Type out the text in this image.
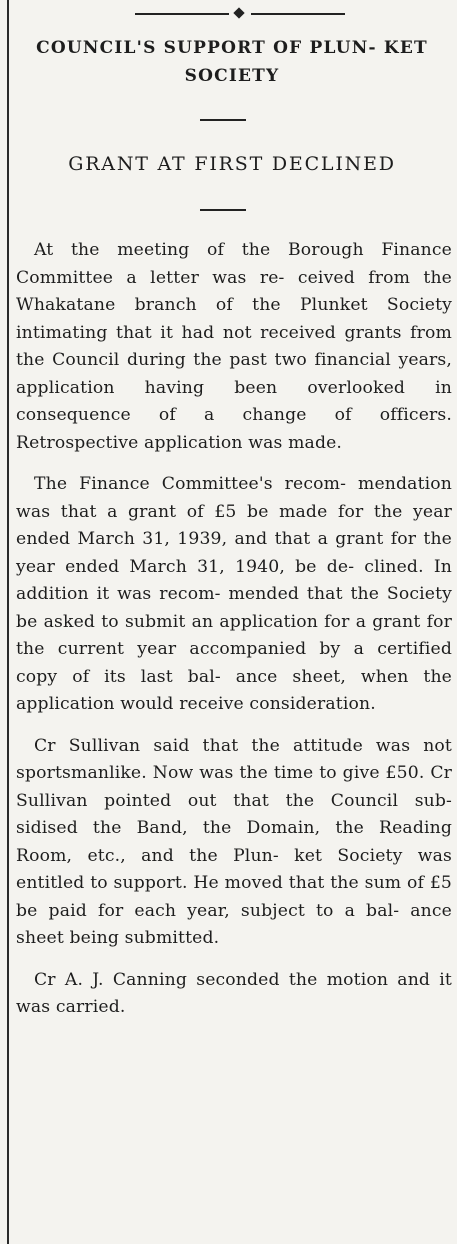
COUNCIL'S SUPPORT OF PLUN- KET SOCIETY
GRANT AT FIRST DECLINED

At the meeting of the Borough Finance Committee a letter was re- ceived from the Whakatane branch of the Plunket Society intimating that it had not received grants from the Council during the past two financial years, application having been overlooked in consequence of a change of officers. Retrospective application was made.

The Finance Committee's recom- mendation was that a grant of £5 be made for the year ended March 31, 1939, and that a grant for the year ended March 31, 1940, be de- clined. In addition it was recom- mended that the Society be asked to submit an application for a grant for the current year accompanied by a certified copy of its last bal- ance sheet, when the application would receive consideration.

Cr Sullivan said that the attitude was not sportsmanlike. Now was the time to give £50. Cr Sullivan pointed out that the Council sub- sidised the Band, the Domain, the Reading Room, etc., and the Plun- ket Society was entitled to support. He moved that the sum of £5 be paid for each year, subject to a bal- ance sheet being submitted.

Cr A. J. Canning seconded the motion and it was carried.
